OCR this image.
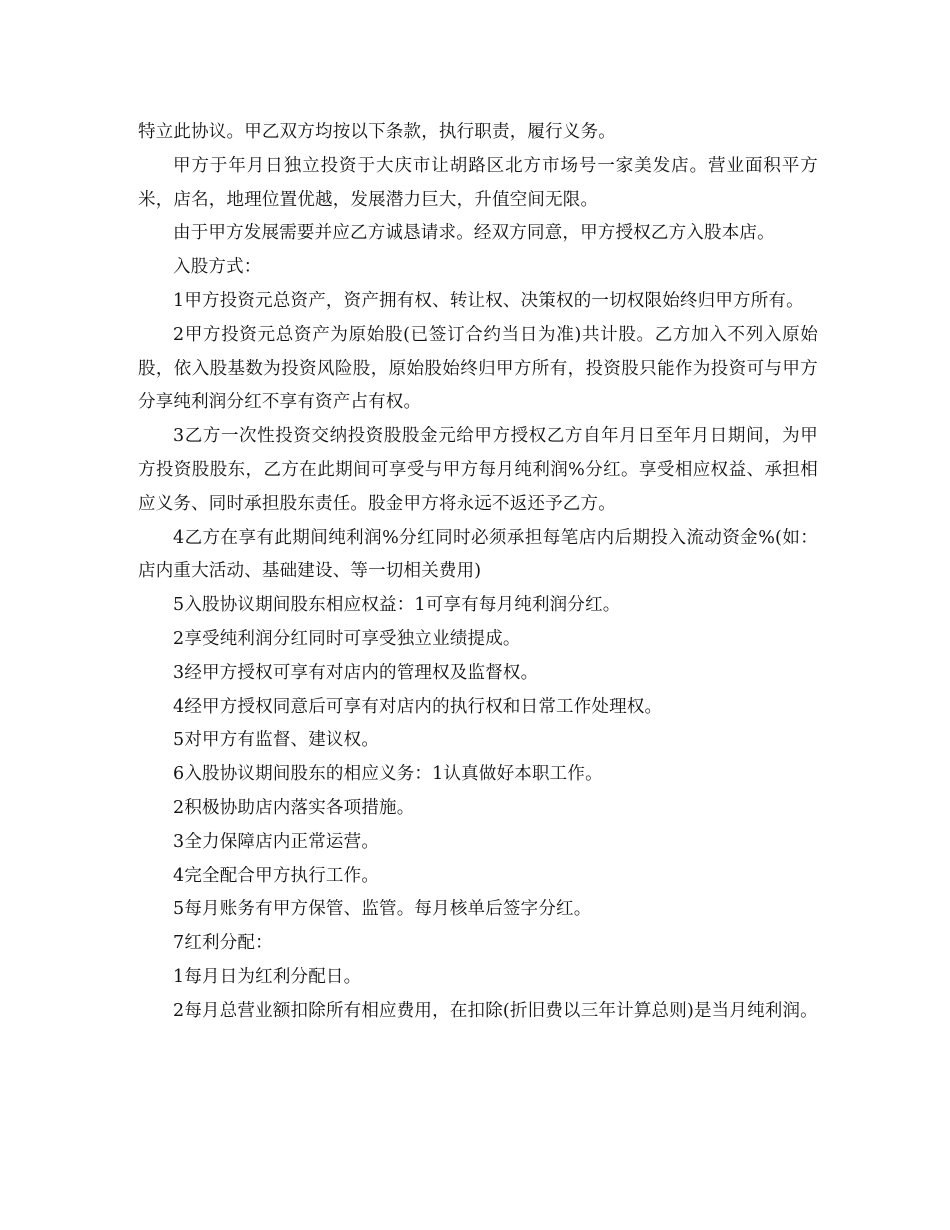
特立此协议。甲乙双方均按以下条款，执行职责，履行义务。

甲方于年月日独立投资于大庆市让胡路区北方市场号一家美发店。营业面积平方米，店名，地理位置优越，发展潜力巨大，升值空间无限。

由于甲方发展需要并应乙方诚恳请求。经双方同意，甲方授权乙方入股本店。

入股方式：

1甲方投资元总资产，资产拥有权、转让权、决策权的一切权限始终归甲方所有。

2甲方投资元总资产为原始股(已签订合约当日为准)共计股。乙方加入不列入原始股，依入股基数为投资风险股，原始股始终归甲方所有，投资股只能作为投资可与甲方分享纯利润分红不享有资产占有权。

3乙方一次性投资交纳投资股股金元给甲方授权乙方自年月日至年月日期间，为甲方投资股股东，乙方在此期间可享受与甲方每月纯利润%分红。享受相应权益、承担相应义务、同时承担股东责任。股金甲方将永远不返还予乙方。

4乙方在享有此期间纯利润%分红同时必须承担每笔店内后期投入流动资金%(如：店内重大活动、基础建设、等一切相关费用)

5入股协议期间股东相应权益：1可享有每月纯利润分红。

2享受纯利润分红同时可享受独立业绩提成。

3经甲方授权可享有对店内的管理权及监督权。

4经甲方授权同意后可享有对店内的执行权和日常工作处理权。

5对甲方有监督、建议权。

6入股协议期间股东的相应义务：1认真做好本职工作。

2积极协助店内落实各项措施。

3全力保障店内正常运营。

4完全配合甲方执行工作。

5每月账务有甲方保管、监管。每月核单后签字分红。

7红利分配：

1每月日为红利分配日。

2每月总营业额扣除所有相应费用，在扣除(折旧费以三年计算总则)是当月纯利润。
